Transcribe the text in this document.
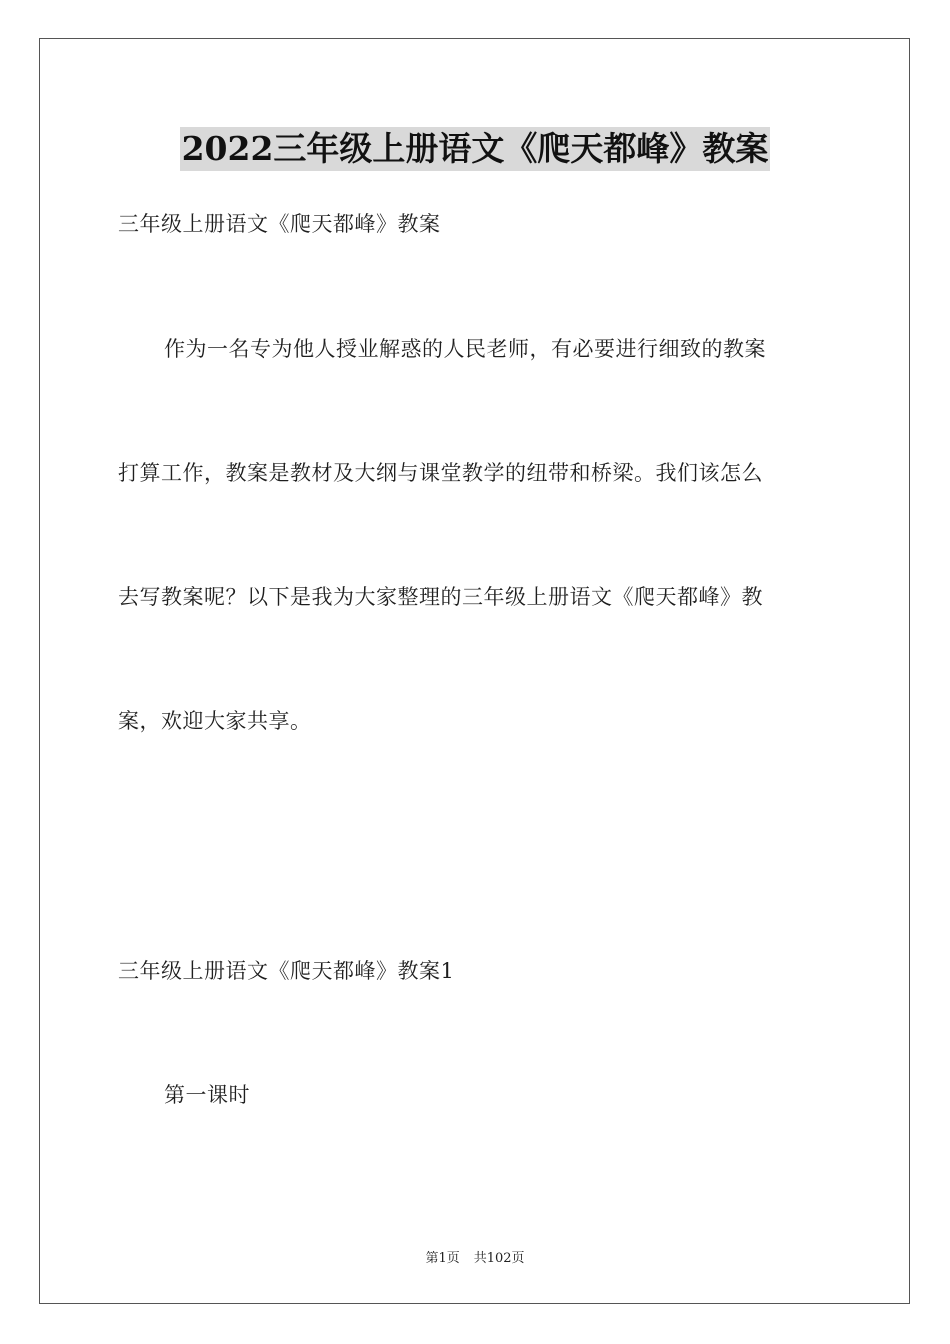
2022三年级上册语文《爬天都峰》教案
三年级上册语文《爬天都峰》教案
作为一名专为他人授业解惑的人民老师，有必要进行细致的教案
打算工作，教案是教材及大纲与课堂教学的纽带和桥梁。我们该怎么
去写教案呢？以下是我为大家整理的三年级上册语文《爬天都峰》教
案，欢迎大家共享。
三年级上册语文《爬天都峰》教案1
第一课时
第1页 共102页
